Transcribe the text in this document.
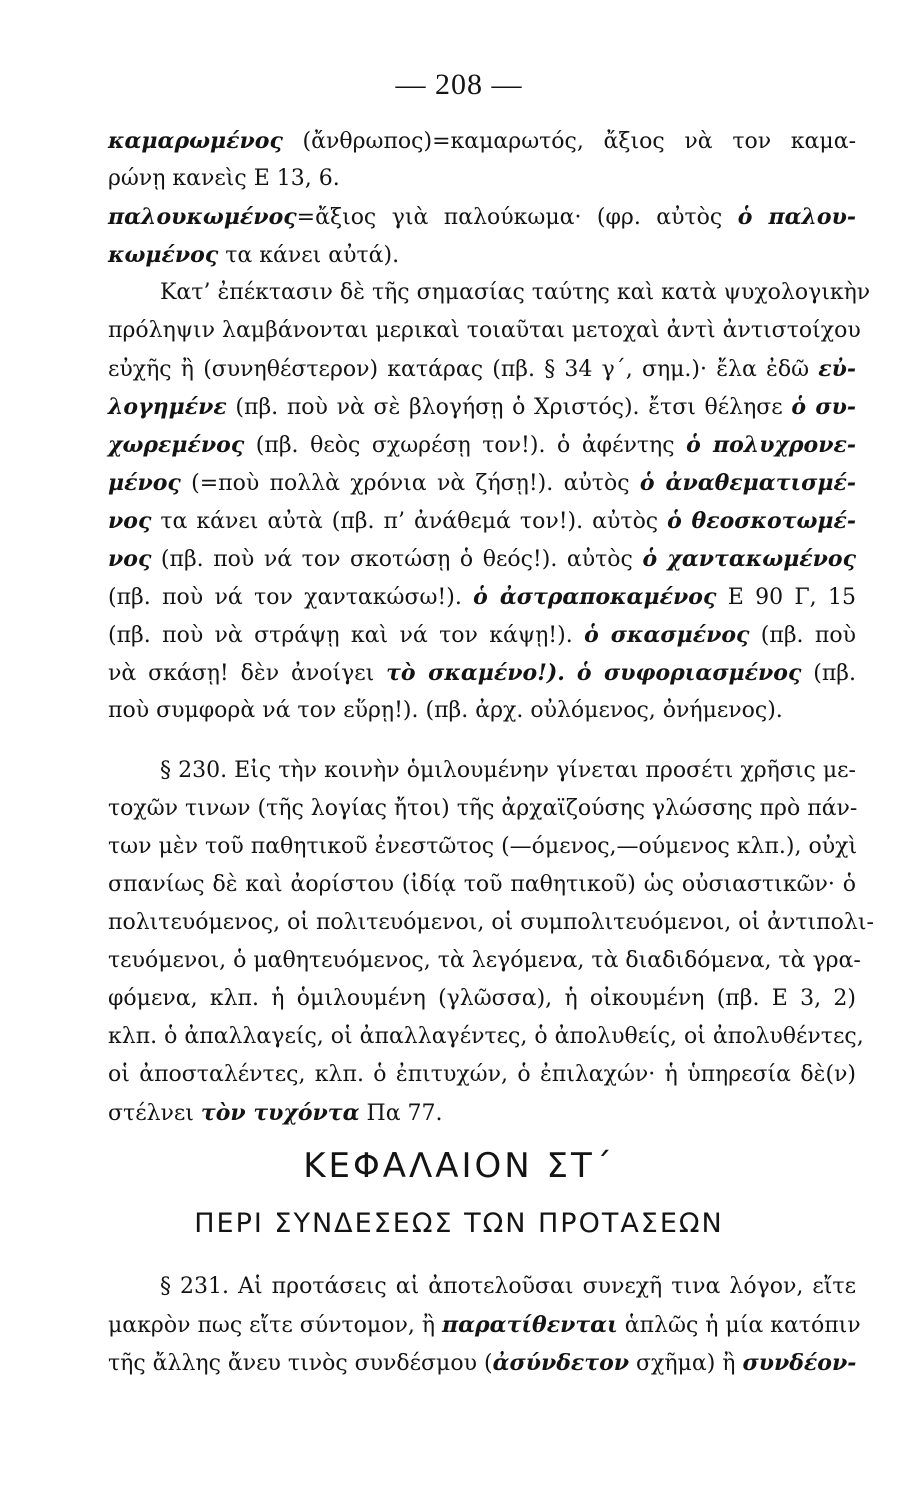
— 208 —
καμαρωμένος (ἄνθρωπος)=καμαρωτός, ἄξιος νὰ τον καμα-
ρώνῃ κανεὶς Ε 13, 6.
παλουκωμένος=ἄξιος γιὰ παλούκωμα· (φρ. αὐτὸς ὁ παλου-
κωμένος τα κάνει αὐτά).
Κατ’ ἐπέκτασιν δὲ τῆς σημασίας ταύτης καὶ κατὰ ψυχολογικὴν
πρόληψιν λαμβάνονται μερικαὶ τοιαῦται μετοχαὶ ἀντὶ ἀντιστοίχου
εὐχῆς ἢ (συνηθέστερον) κατάρας (πβ. § 34 γ΄, σημ.)· ἔλα ἐδῶ εὐ-
λογημένε (πβ. ποὺ νὰ σὲ βλογήσῃ ὁ Χριστός). ἔτσι θέλησε ὁ συ-
χωρεμένος (πβ. θεὸς σχωρέσῃ τον!). ὁ ἀφέντης ὁ πολυχρονε-
μένος (=ποὺ πολλὰ χρόνια νὰ ζήσῃ!). αὐτὸς ὁ ἀναθεματισμέ-
νος τα κάνει αὐτὰ (πβ. π’ ἀνάθεμά τον!). αὐτὸς ὁ θεοσκοτωμέ-
νος (πβ. ποὺ νά τον σκοτώσῃ ὁ θεός!). αὐτὸς ὁ χαντακωμένος
(πβ. ποὺ νά τον χαντακώσω!). ὁ ἀστραποκαμένος Ε 90 Γ, 15
(πβ. ποὺ νὰ στράψῃ καὶ νά τον κάψῃ!). ὁ σκασμένος (πβ. ποὺ
νὰ σκάσῃ! δὲν ἀνοίγει τὸ σκαμένο!). ὁ συφοριασμένος (πβ.
ποὺ συμφορὰ νά τον εὕρῃ!). (πβ. ἀρχ. οὐλόμενος, ὀνήμενος).
§ 230. Εἰς τὴν κοινὴν ὁμιλουμένην γίνεται προσέτι χρῆσις με-
τοχῶν τινων (τῆς λογίας ἤτοι) τῆς ἀρχαϊζούσης γλώσσης πρὸ πάν-
των μὲν τοῦ παθητικοῦ ἐνεστῶτος (—όμενος,—ούμενος κλπ.), οὐχὶ
σπανίως δὲ καὶ ἀορίστου (ἰδίᾳ τοῦ παθητικοῦ) ὡς οὐσιαστικῶν· ὁ
πολιτευόμενος, οἱ πολιτευόμενοι, οἱ συμπολιτευόμενοι, οἱ ἀντιπολι-
τευόμενοι, ὁ μαθητευόμενος, τὰ λεγόμενα, τὰ διαδιδόμενα, τὰ γρα-
φόμενα, κλπ. ἡ ὁμιλουμένη (γλῶσσα), ἡ οἰκουμένη (πβ. Ε 3, 2)
κλπ. ὁ ἀπαλλαγείς, οἱ ἀπαλλαγέντες, ὁ ἀπολυθείς, οἱ ἀπολυθέντες,
οἱ ἀποσταλέντες, κλπ. ὁ ἐπιτυχών, ὁ ἐπιλαχών· ἡ ὑπηρεσία δὲ(ν)
στέλνει τὸν τυχόντα Πα 77.
ΚΕΦΑΛΑΙΟΝ ΣΤ΄
ΠΕΡΙ ΣΥΝΔΕΣΕΩΣ ΤΩΝ ΠΡΟΤΑΣΕΩΝ
§ 231. Αἱ προτάσεις αἱ ἀποτελοῦσαι συνεχῆ τινα λόγον, εἴτε
μακρὸν πως εἴτε σύντομον, ἢ παρατίθενται ἁπλῶς ἡ μία κατόπιν
τῆς ἄλλης ἄνευ τινὸς συνδέσμου (ἀσύνδετον σχῆμα) ἢ συνδέον-
